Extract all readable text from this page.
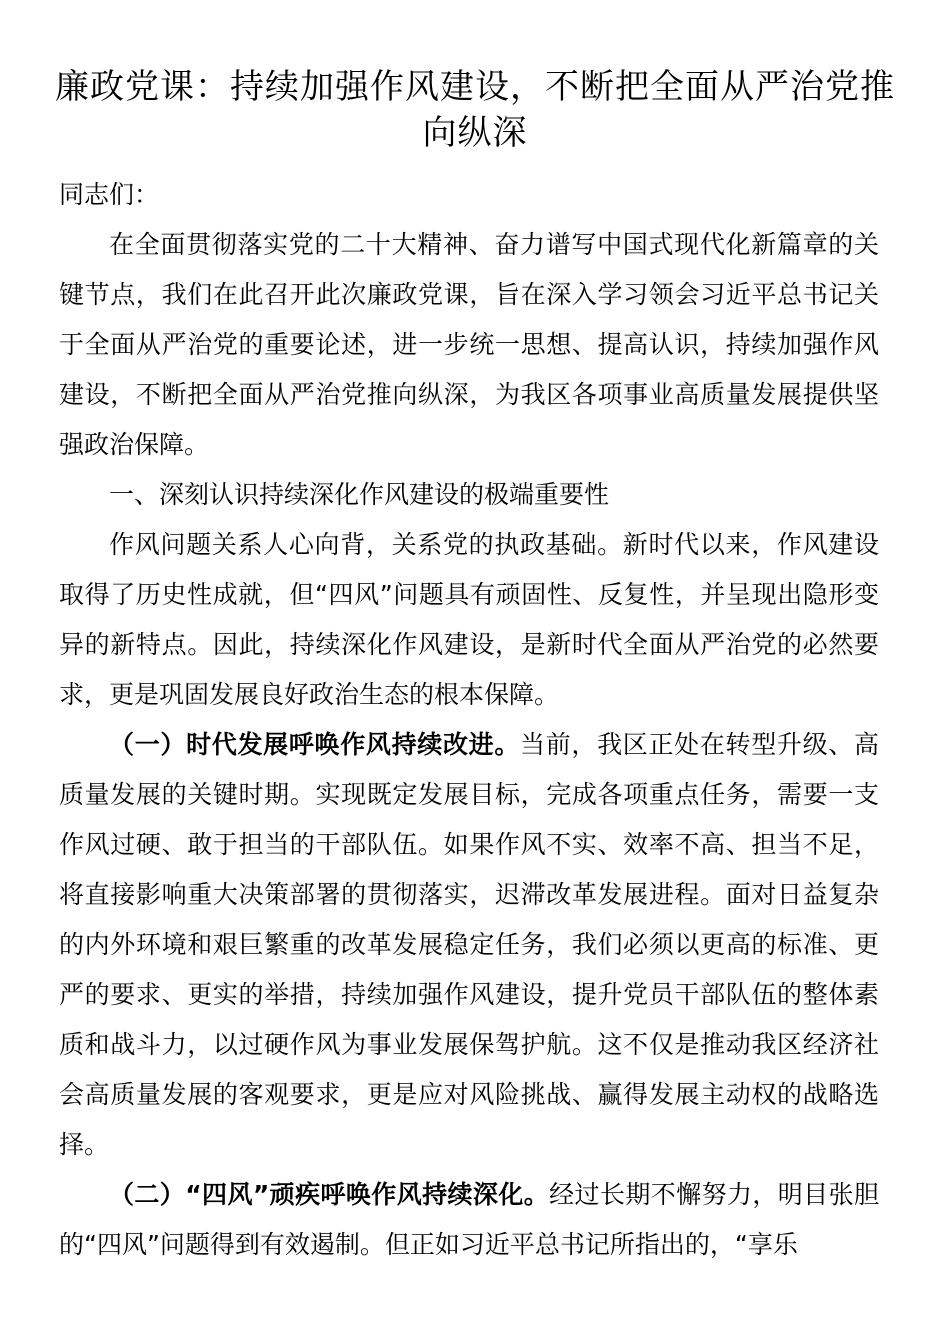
廉政党课：持续加强作风建设，不断把全面从严治党推向纵深

同志们：

在全面贯彻落实党的二十大精神、奋力谱写中国式现代化新篇章的关键节点，我们在此召开此次廉政党课，旨在深入学习领会习近平总书记关于全面从严治党的重要论述，进一步统一思想、提高认识，持续加强作风建设，不断把全面从严治党推向纵深，为我区各项事业高质量发展提供坚强政治保障。

一、深刻认识持续深化作风建设的极端重要性

作风问题关系人心向背，关系党的执政基础。新时代以来，作风建设取得了历史性成就，但“四风”问题具有顽固性、反复性，并呈现出隐形变异的新特点。因此，持续深化作风建设，是新时代全面从严治党的必然要求，更是巩固发展良好政治生态的根本保障。

（一）时代发展呼唤作风持续改进。当前，我区正处在转型升级、高质量发展的关键时期。实现既定发展目标，完成各项重点任务，需要一支作风过硬、敢于担当的干部队伍。如果作风不实、效率不高、担当不足，将直接影响重大决策部署的贯彻落实，迟滞改革发展进程。面对日益复杂的内外环境和艰巨繁重的改革发展稳定任务，我们必须以更高的标准、更严的要求、更实的举措，持续加强作风建设，提升党员干部队伍的整体素质和战斗力，以过硬作风为事业发展保驾护航。这不仅是推动我区经济社会高质量发展的客观要求，更是应对风险挑战、赢得发展主动权的战略选择。

（二）“四风”顽疾呼唤作风持续深化。经过长期不懈努力，明目张胆的“四风”问题得到有效遏制。但正如习近平总书记所指出的，“享乐
